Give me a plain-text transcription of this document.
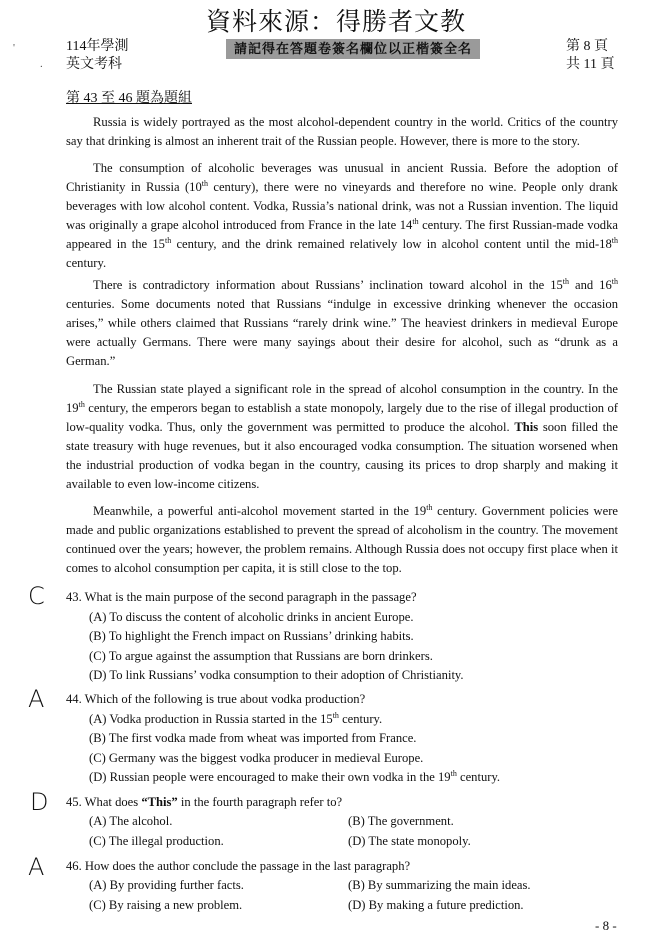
資料來源：得勝者文教
'
.
114年學測
英文考科
請記得在答題卷簽名欄位以正楷簽全名	第 8 頁
共 11 頁
第 43 至 46 題為題組

Russia is widely portrayed as the most alcohol-dependent country in the world. Critics of the country say that drinking is almost an inherent trait of the Russian people. However, there is more to the story.

The consumption of alcoholic beverages was unusual in ancient Russia. Before the adoption of Christianity in Russia (10th century), there were no vineyards and therefore no wine. People only drank beverages with low alcohol content. Vodka, Russia’s national drink, was not a Russian invention. The liquid was originally a grape alcohol introduced from France in the late 14th century. The first Russian-made vodka appeared in the 15th century, and the drink remained relatively low in alcohol content until the mid-18th century.

There is contradictory information about Russians’ inclination toward alcohol in the 15th and 16th centuries. Some documents noted that Russians “indulge in excessive drinking whenever the occasion arises,” while others claimed that Russians “rarely drink wine.” The heaviest drinkers in medieval Europe were actually Germans. There were many sayings about their desire for alcohol, such as “drunk as a German.”

The Russian state played a significant role in the spread of alcohol consumption in the country. In the 19th century, the emperors began to establish a state monopoly, largely due to the rise of illegal production of low-quality vodka. Thus, only the government was permitted to produce the alcohol. This soon filled the state treasury with huge revenues, but it also encouraged vodka consumption. The situation worsened when the industrial production of vodka began in the country, causing its prices to drop sharply and making it available to even low-income citizens.

Meanwhile, a powerful anti-alcohol movement started in the 19th century. Government policies were made and public organizations established to prevent the spread of alcoholism in the country. The movement continued over the years; however, the problem remains. Although Russia does not occupy first place when it comes to alcohol consumption per capita, it is still close to the top.

C 43. What is the main purpose of the second paragraph in the passage?
(A) To discuss the content of alcoholic drinks in ancient Europe.
(B) To highlight the French impact on Russians’ drinking habits.
(C) To argue against the assumption that Russians are born drinkers.
(D) To link Russians’ vodka consumption to their adoption of Christianity.
A 44. Which of the following is true about vodka production?
(A) Vodka production in Russia started in the 15th century.
(B) The first vodka made from wheat was imported from France.
(C) Germany was the biggest vodka producer in medieval Europe.
(D) Russian people were encouraged to make their own vodka in the 19th century.
D 45. What does “This” in the fourth paragraph refer to?
(A) The alcohol.	(B) The government.
(C) The illegal production.	(D) The state monopoly.
A 46. How does the author conclude the passage in the last paragraph?
(A) By providing further facts.	(B) By summarizing the main ideas.
(C) By raising a new problem.	(D) By making a future prediction.
- 8 -
